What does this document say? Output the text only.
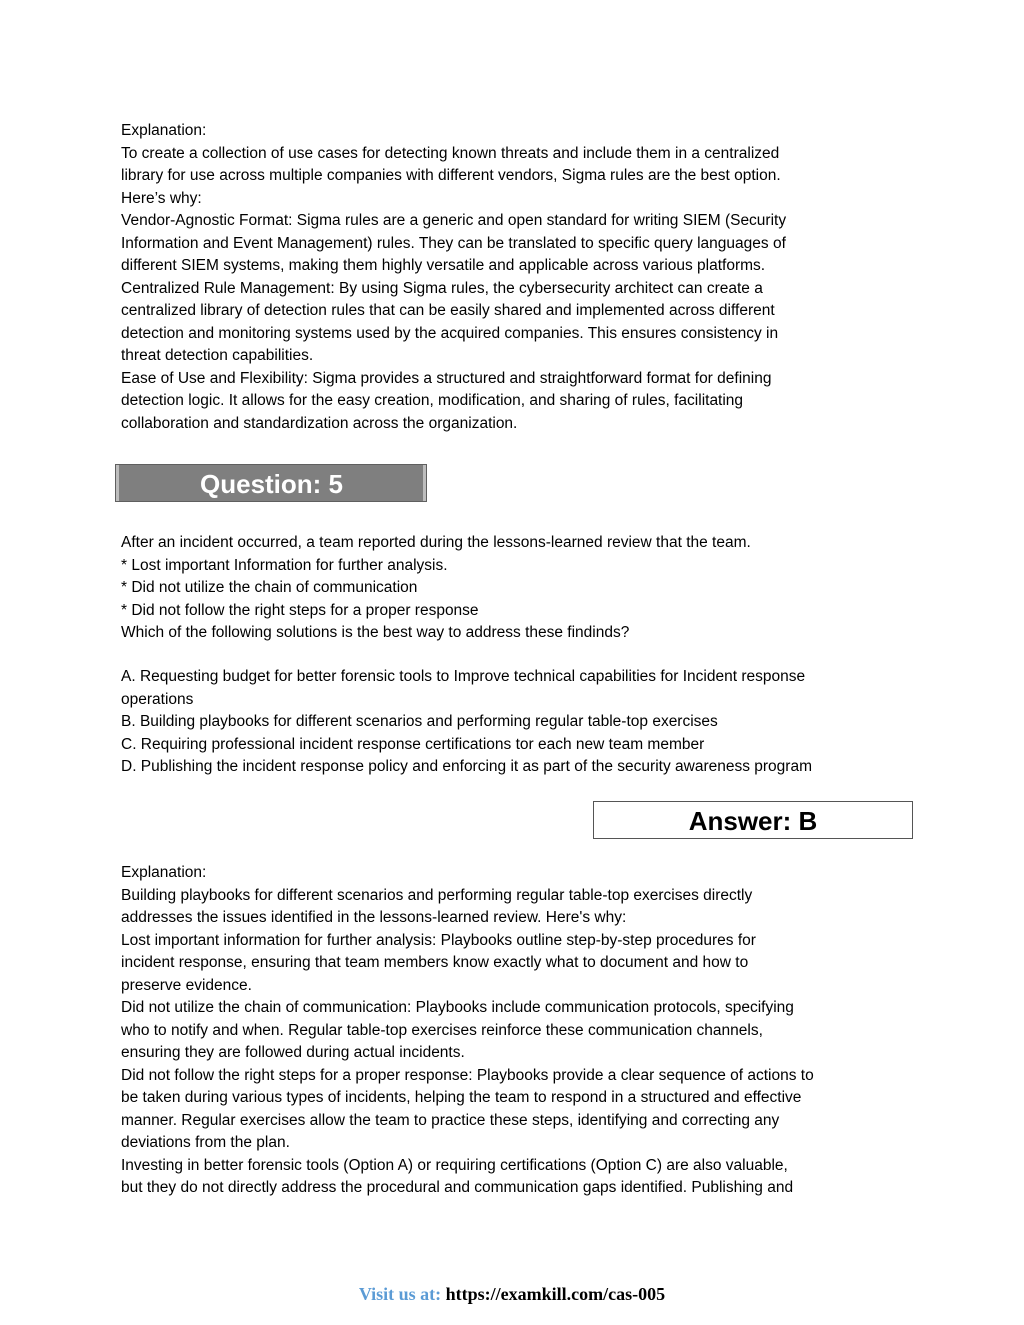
Explanation:

To create a collection of use cases for detecting known threats and include them in a centralized

library for use across multiple companies with different vendors, Sigma rules are the best option.

Here’s why:

Vendor-Agnostic Format: Sigma rules are a generic and open standard for writing SIEM (Security

Information and Event Management) rules. They can be translated to specific query languages of

different SIEM systems, making them highly versatile and applicable across various platforms.

Centralized Rule Management: By using Sigma rules, the cybersecurity architect can create a

centralized library of detection rules that can be easily shared and implemented across different

detection and monitoring systems used by the acquired companies. This ensures consistency in

threat detection capabilities.

Ease of Use and Flexibility: Sigma provides a structured and straightforward format for defining

detection logic. It allows for the easy creation, modification, and sharing of rules, facilitating

collaboration and standardization across the organization.

Question: 5

After an incident occurred, a team reported during the lessons-learned review that the team.

* Lost important Information for further analysis.

* Did not utilize the chain of communication

* Did not follow the right steps for a proper response

Which of the following solutions is the best way to address these findinds?

A. Requesting budget for better forensic tools to Improve technical capabilities for Incident response

operations

B. Building playbooks for different scenarios and performing regular table-top exercises

C. Requiring professional incident response certifications tor each new team member

D. Publishing the incident response policy and enforcing it as part of the security awareness program

Answer: B

Explanation:

Building playbooks for different scenarios and performing regular table-top exercises directly

addresses the issues identified in the lessons-learned review. Here's why:

Lost important information for further analysis: Playbooks outline step-by-step procedures for

incident response, ensuring that team members know exactly what to document and how to

preserve evidence.

Did not utilize the chain of communication: Playbooks include communication protocols, specifying

who to notify and when. Regular table-top exercises reinforce these communication channels,

ensuring they are followed during actual incidents.

Did not follow the right steps for a proper response: Playbooks provide a clear sequence of actions to

be taken during various types of incidents, helping the team to respond in a structured and effective

manner. Regular exercises allow the team to practice these steps, identifying and correcting any

deviations from the plan.

Investing in better forensic tools (Option A) or requiring certifications (Option C) are also valuable,

but they do not directly address the procedural and communication gaps identified. Publishing and

Visit us at: https://examkill.com/cas-005
